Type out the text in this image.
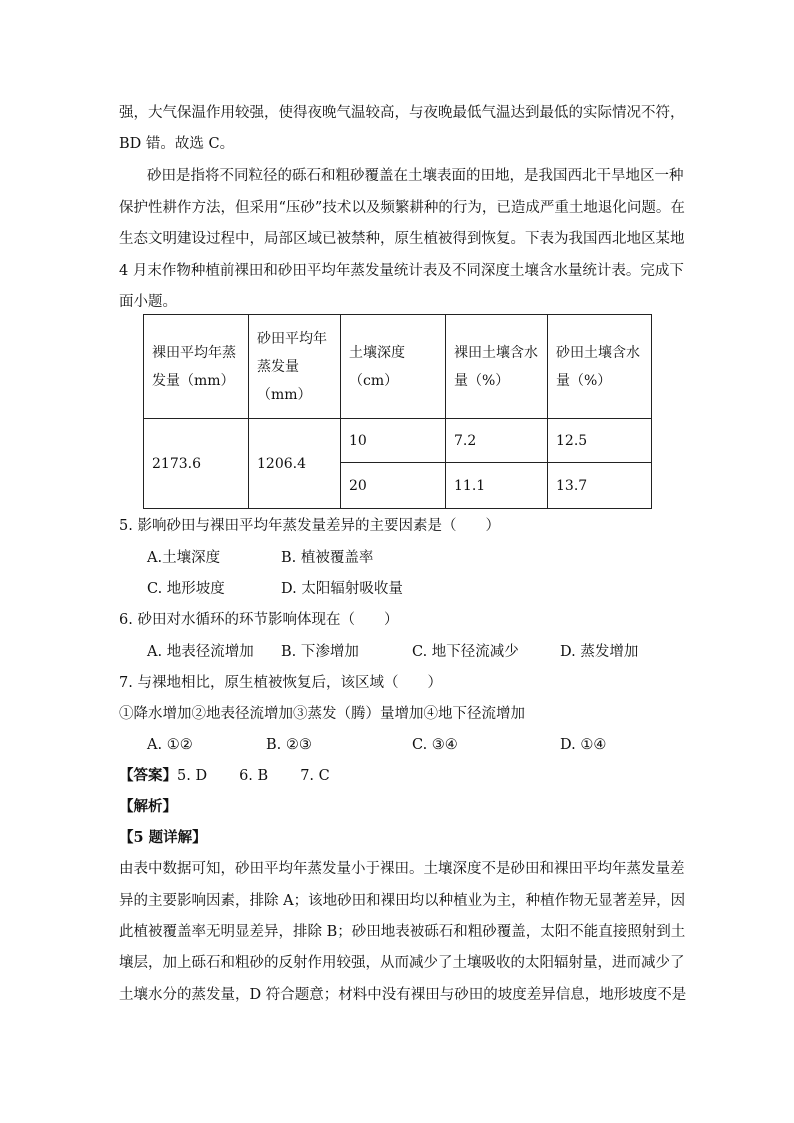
强，大气保温作用较强，使得夜晚气温较高，与夜晚最低气温达到最低的实际情况不符，
BD 错。故选 C。
砂田是指将不同粒径的砾石和粗砂覆盖在土壤表面的田地，是我国西北干旱地区一种
保护性耕作方法，但采用“压砂”技术以及频繁耕种的行为，已造成严重土地退化问题。在
生态文明建设过程中，局部区域已被禁种，原生植被得到恢复。下表为我国西北地区某地
4 月末作物种植前裸田和砂田平均年蒸发量统计表及不同深度土壤含水量统计表。完成下
面小题。
裸田平均年蒸发量（mm）	砂田平均年蒸发量（mm）	土壤深度（cm）	裸田土壤含水量（%）	砂田土壤含水量（%）
2173.6	1206.4	10	7.2	12.5
		20	11.1	13.7
5. 影响砂田与裸田平均年蒸发量差异的主要因素是（　　）
A.土壤深度	B. 植被覆盖率
C. 地形坡度	D. 太阳辐射吸收量
6. 砂田对水循环的环节影响体现在（　　）
A. 地表径流增加 B. 下渗增加	C. 地下径流减少	D. 蒸发增加
7. 与裸地相比，原生植被恢复后，该区域（　　）
①降水增加②地表径流增加③蒸发（腾）量增加④地下径流增加
A. ①②	B. ②③	C. ③④	D. ①④
【答案】5. D 6. B 7. C
【解析】
【5 题详解】
由表中数据可知，砂田平均年蒸发量小于裸田。土壤深度不是砂田和裸田平均年蒸发量差
异的主要影响因素，排除 A；该地砂田和裸田均以种植业为主，种植作物无显著差异，因
此植被覆盖率无明显差异，排除 B；砂田地表被砾石和粗砂覆盖，太阳不能直接照射到土
壤层，加上砾石和粗砂的反射作用较强，从而减少了土壤吸收的太阳辐射量，进而减少了
土壤水分的蒸发量，D 符合题意；材料中没有裸田与砂田的坡度差异信息，地形坡度不是
